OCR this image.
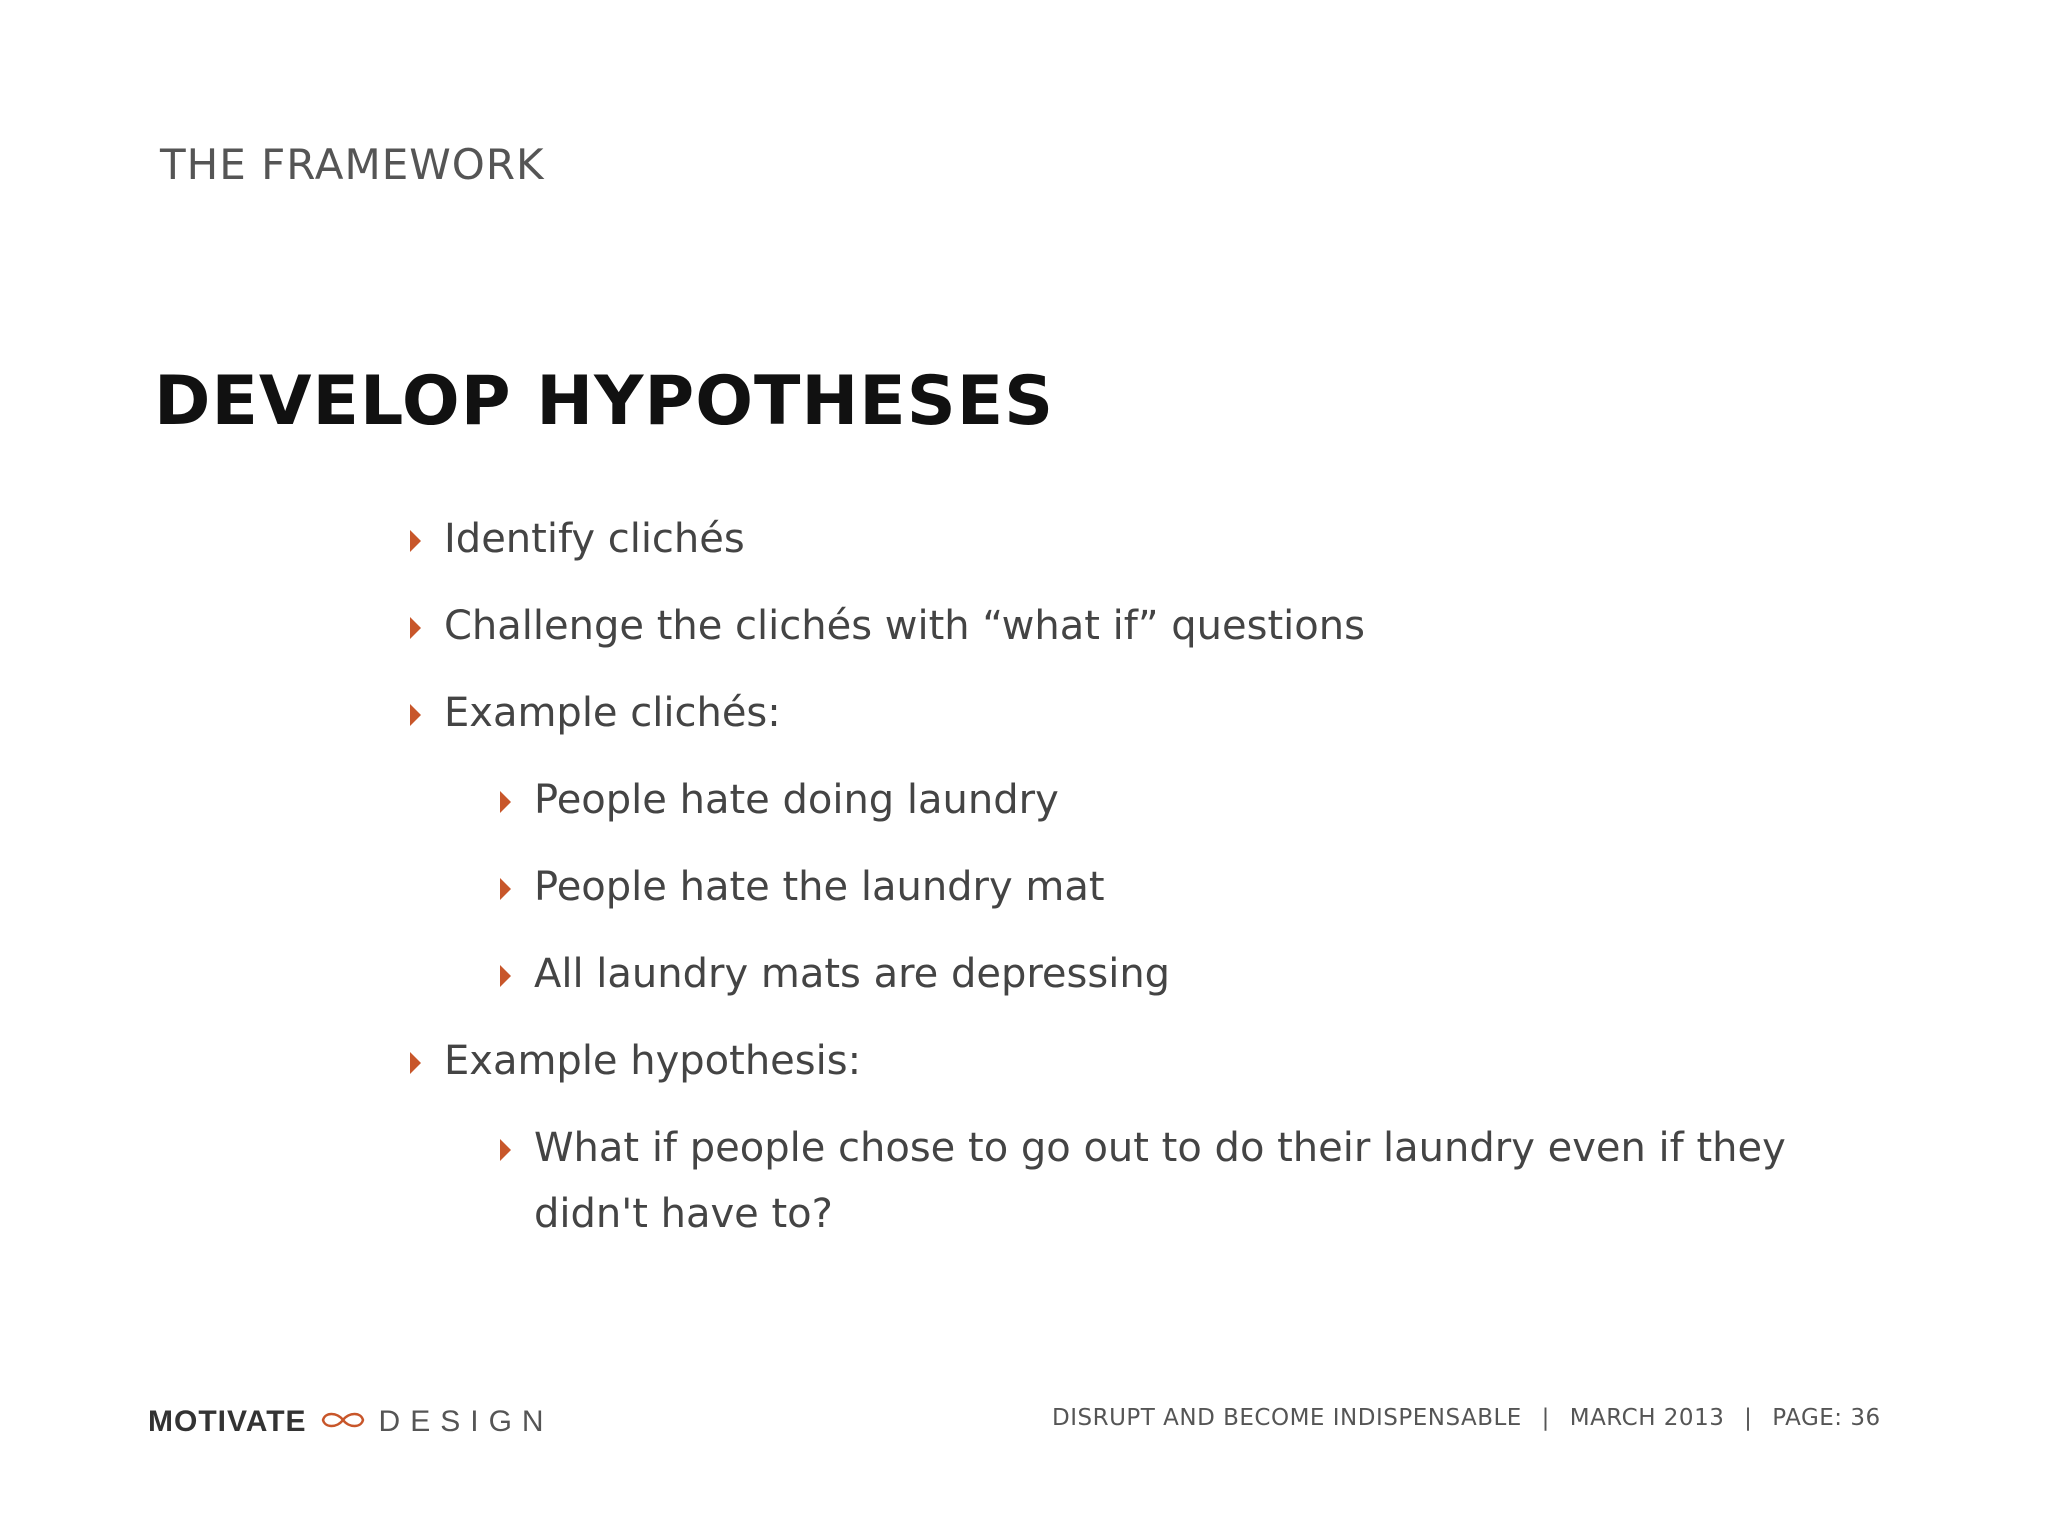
THE FRAMEWORK
DEVELOP HYPOTHESES
Identify clichés
Challenge the clichés with “what if” questions
Example clichés:
People hate doing laundry
People hate the laundry mat
All laundry mats are depressing
Example hypothesis:
What if people chose to go out to do their laundry even if they didn't have to?
MOTIVATE DESIGN	DISRUPT AND BECOME INDISPENSABLE | MARCH 2013 | PAGE: 36
